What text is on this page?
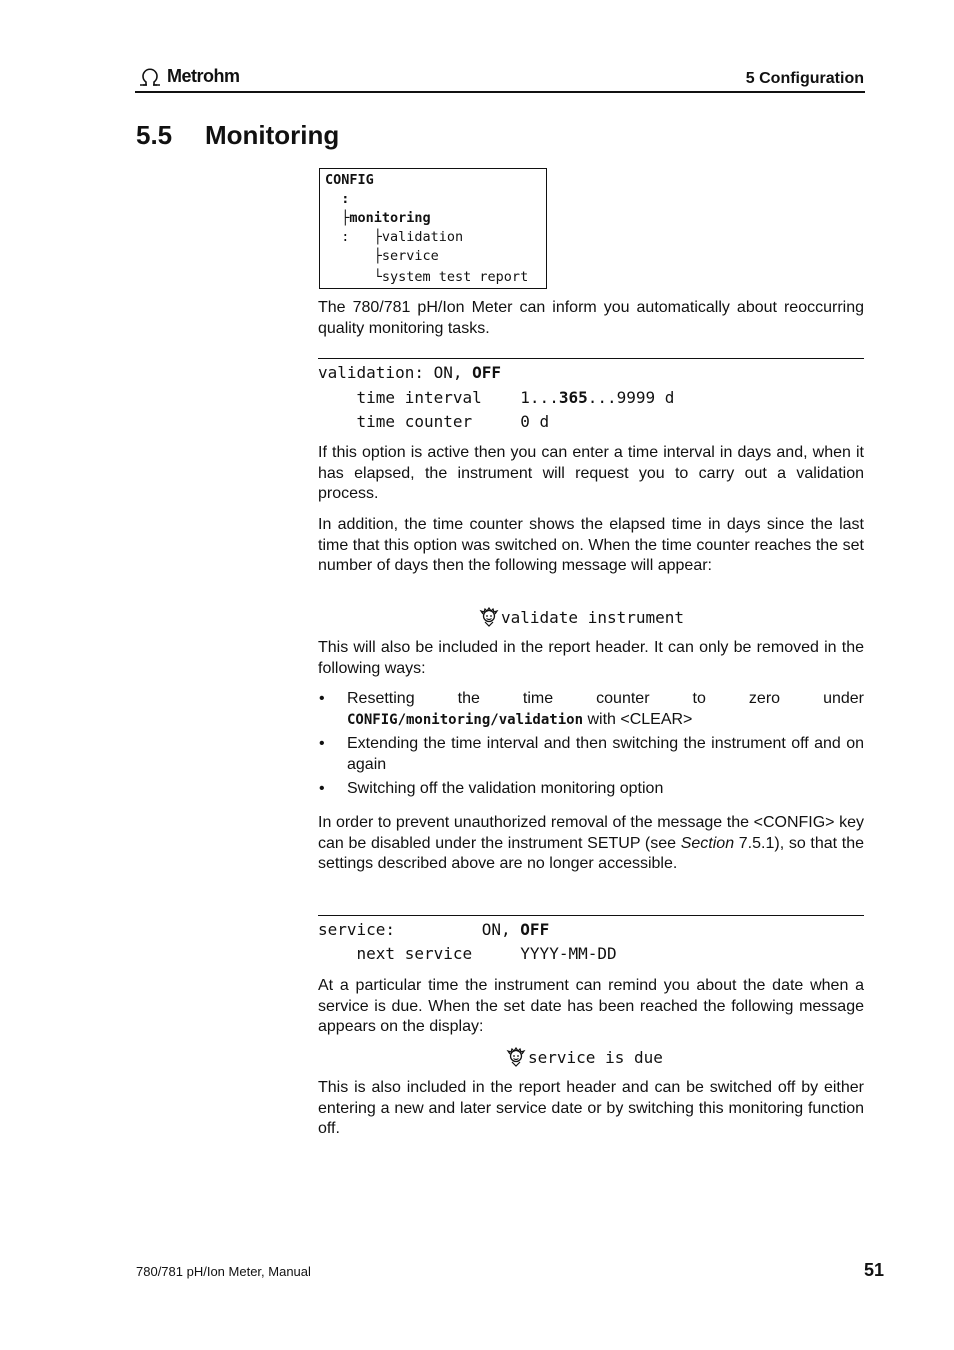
Metrohm	5 Configuration
5.5 Monitoring
CONFIG
:
├monitoring
:   ├validation
├service
└system test report
The 780/781 pH/Ion Meter can inform you automatically about reoccurring quality monitoring tasks.
validation: ON, OFF
time interval    1...365...9999 d
time counter     0 d
If this option is active then you can enter a time interval in days and, when it has elapsed, the instrument will request you to carry out a validation process.
In addition, the time counter shows the elapsed time in days since the last time that this option was switched on. When the time counter reaches the set number of days then the following message will appear:
validate instrument
This will also be included in the report header. It can only be removed in the following ways:
• Resetting the time counter to zero under CONFIG/monitoring/validation with <CLEAR>
• Extending the time interval and then switching the instrument off and on again
• Switching off the validation monitoring option
In order to prevent unauthorized removal of the message the <CONFIG> key can be disabled under the instrument SETUP (see Section 7.5.1), so that the settings described above are no longer accessible.
service:         ON, OFF
next service     YYYY-MM-DD
At a particular time the instrument can remind you about the date when a service is due. When the set date has been reached the following message appears on the display:
service is due
This is also included in the report header and can be switched off by either entering a new and later service date or by switching this monitoring function off.
780/781 pH/Ion Meter, Manual	51
